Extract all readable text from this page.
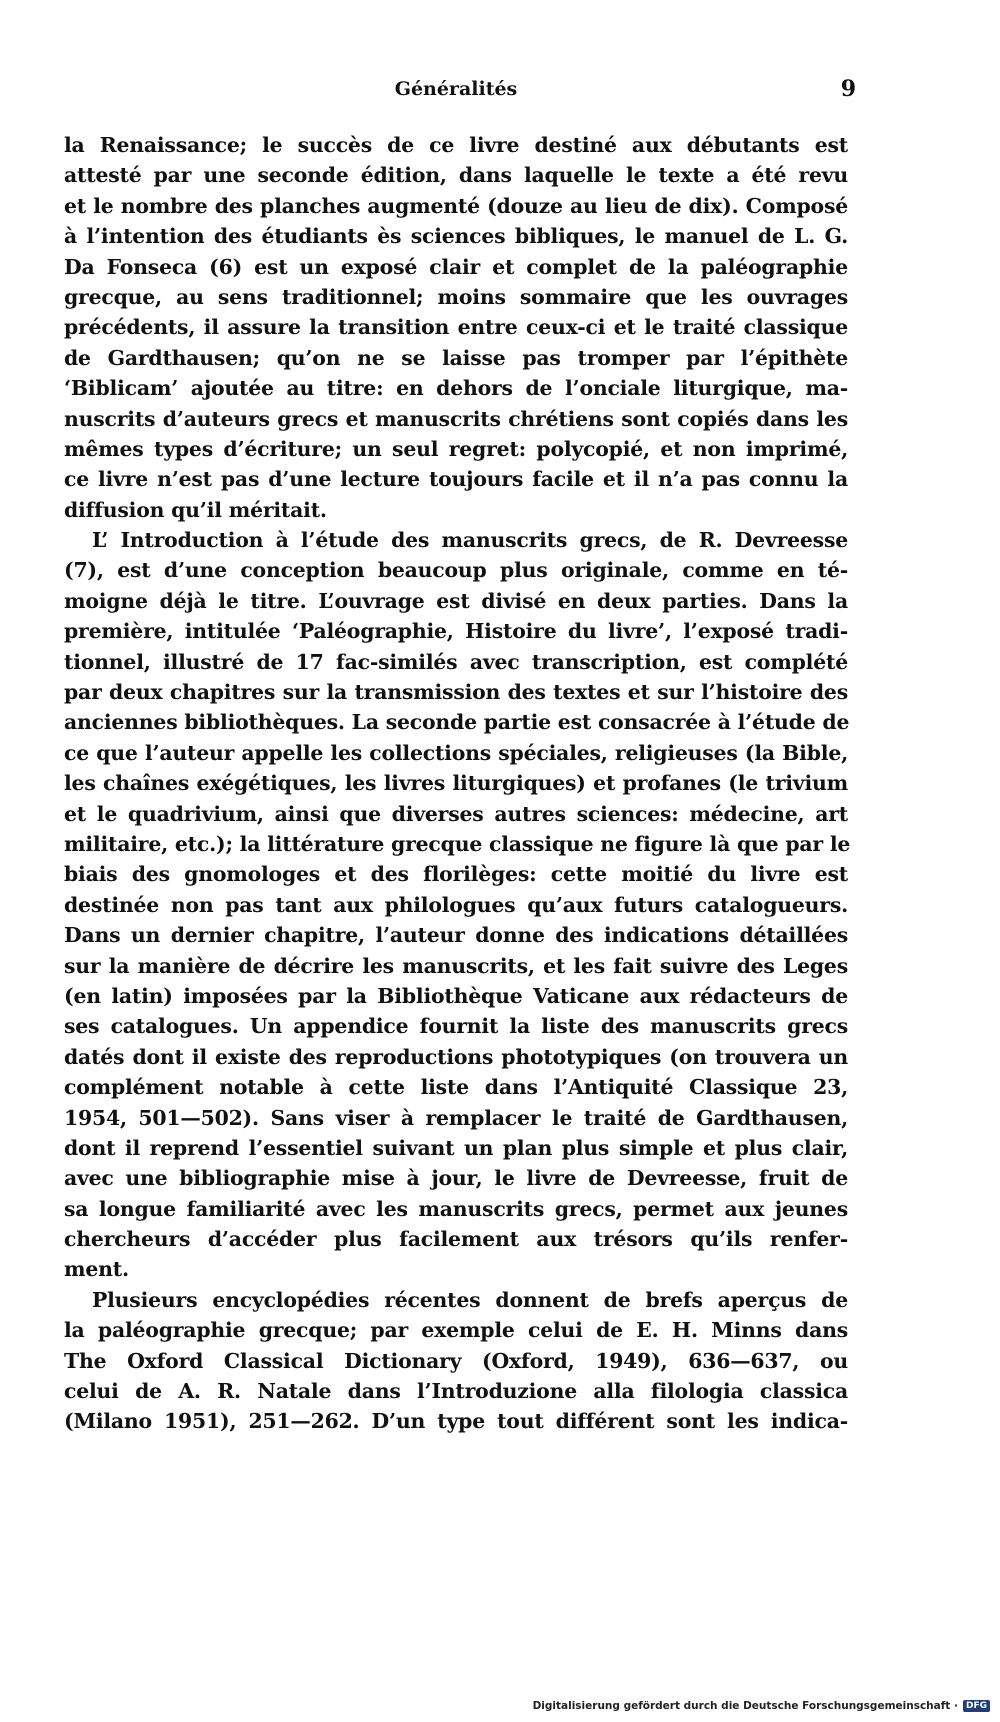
Généralités	9
la Renaissance; le succès de ce livre destiné aux débutants est
attesté par une seconde édition, dans laquelle le texte a été revu
et le nombre des planches augmenté (douze au lieu de dix). Composé
à l’intention des étudiants ès sciences bibliques, le manuel de L. G.
Da Fonseca (6) est un exposé clair et complet de la paléographie
grecque, au sens traditionnel; moins sommaire que les ouvrages
précédents, il assure la transition entre ceux-ci et le traité classique
de Gardthausen; qu’on ne se laisse pas tromper par l’épithète
‘Biblicam’ ajoutée au titre: en dehors de l’onciale liturgique, ma-
nuscrits d’auteurs grecs et manuscrits chrétiens sont copiés dans les
mêmes types d’écriture; un seul regret: polycopié, et non imprimé,
ce livre n’est pas d’une lecture toujours facile et il n’a pas connu la
diffusion qu’il méritait.
L’ Introduction à l’étude des manuscrits grecs, de R. Devreesse
(7), est d’une conception beaucoup plus originale, comme en té-
moigne déjà le titre. L’ouvrage est divisé en deux parties. Dans la
première, intitulée ‘Paléographie, Histoire du livre’, l’exposé tradi-
tionnel, illustré de 17 fac-similés avec transcription, est complété
par deux chapitres sur la transmission des textes et sur l’histoire des
anciennes bibliothèques. La seconde partie est consacrée à l’étude de
ce que l’auteur appelle les collections spéciales, religieuses (la Bible,
les chaînes exégétiques, les livres liturgiques) et profanes (le trivium
et le quadrivium, ainsi que diverses autres sciences: médecine, art
militaire, etc.); la littérature grecque classique ne figure là que par le
biais des gnomologes et des florilèges: cette moitié du livre est
destinée non pas tant aux philologues qu’aux futurs catalogueurs.
Dans un dernier chapitre, l’auteur donne des indications détaillées
sur la manière de décrire les manuscrits, et les fait suivre des Leges
(en latin) imposées par la Bibliothèque Vaticane aux rédacteurs de
ses catalogues. Un appendice fournit la liste des manuscrits grecs
datés dont il existe des reproductions phototypiques (on trouvera un
complément notable à cette liste dans l’Antiquité Classique 23,
1954, 501—502). Sans viser à remplacer le traité de Gardthausen,
dont il reprend l’essentiel suivant un plan plus simple et plus clair,
avec une bibliographie mise à jour, le livre de Devreesse, fruit de
sa longue familiarité avec les manuscrits grecs, permet aux jeunes
chercheurs d’accéder plus facilement aux trésors qu’ils renfer-
ment.
Plusieurs encyclopédies récentes donnent de brefs aperçus de
la paléographie grecque; par exemple celui de E. H. Minns dans
The Oxford Classical Dictionary (Oxford, 1949), 636—637, ou
celui de A. R. Natale dans l’Introduzione alla filologia classica
(Milano 1951), 251—262. D’un type tout différent sont les indica-
Digitalisierung gefördert durch die Deutsche Forschungsgemeinschaft · DFG
